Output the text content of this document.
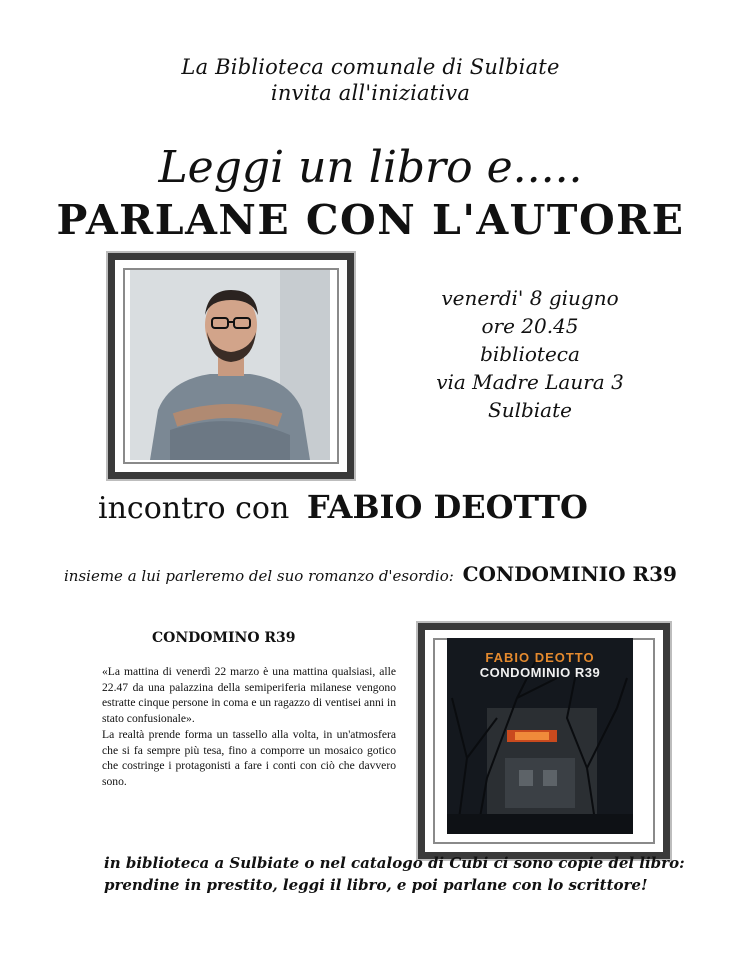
La Biblioteca comunale di Sulbiate
invita all'iniziativa
Leggi un libro e.....
PARLANE CON L'AUTORE
venerdi' 8 giugno
ore 20.45
biblioteca
via Madre Laura 3
Sulbiate
incontro con FABIO DEOTTO
insieme a lui parleremo del suo romanzo d'esordio: CONDOMINIO R39
CONDOMINO R39

«La mattina di venerdì 22 marzo è una mattina qualsiasi, alle 22.47 da una palazzina della semiperiferia milanese vengono estratte cinque persone in coma e un ragazzo di ventisei anni in stato confusionale».

La realtà prende forma un tassello alla volta, in un'atmosfera che si fa sempre più tesa, fino a comporre un mosaico gotico che costringe i protagonisti a fare i conti con ciò che davvero sono.

FABIO DEOTTO
CONDOMINIO R39
in biblioteca a Sulbiate o nel catalogo di Cubi ci sono copie del libro:
prendine in prestito, leggi il libro, e poi parlane con lo scrittore!
